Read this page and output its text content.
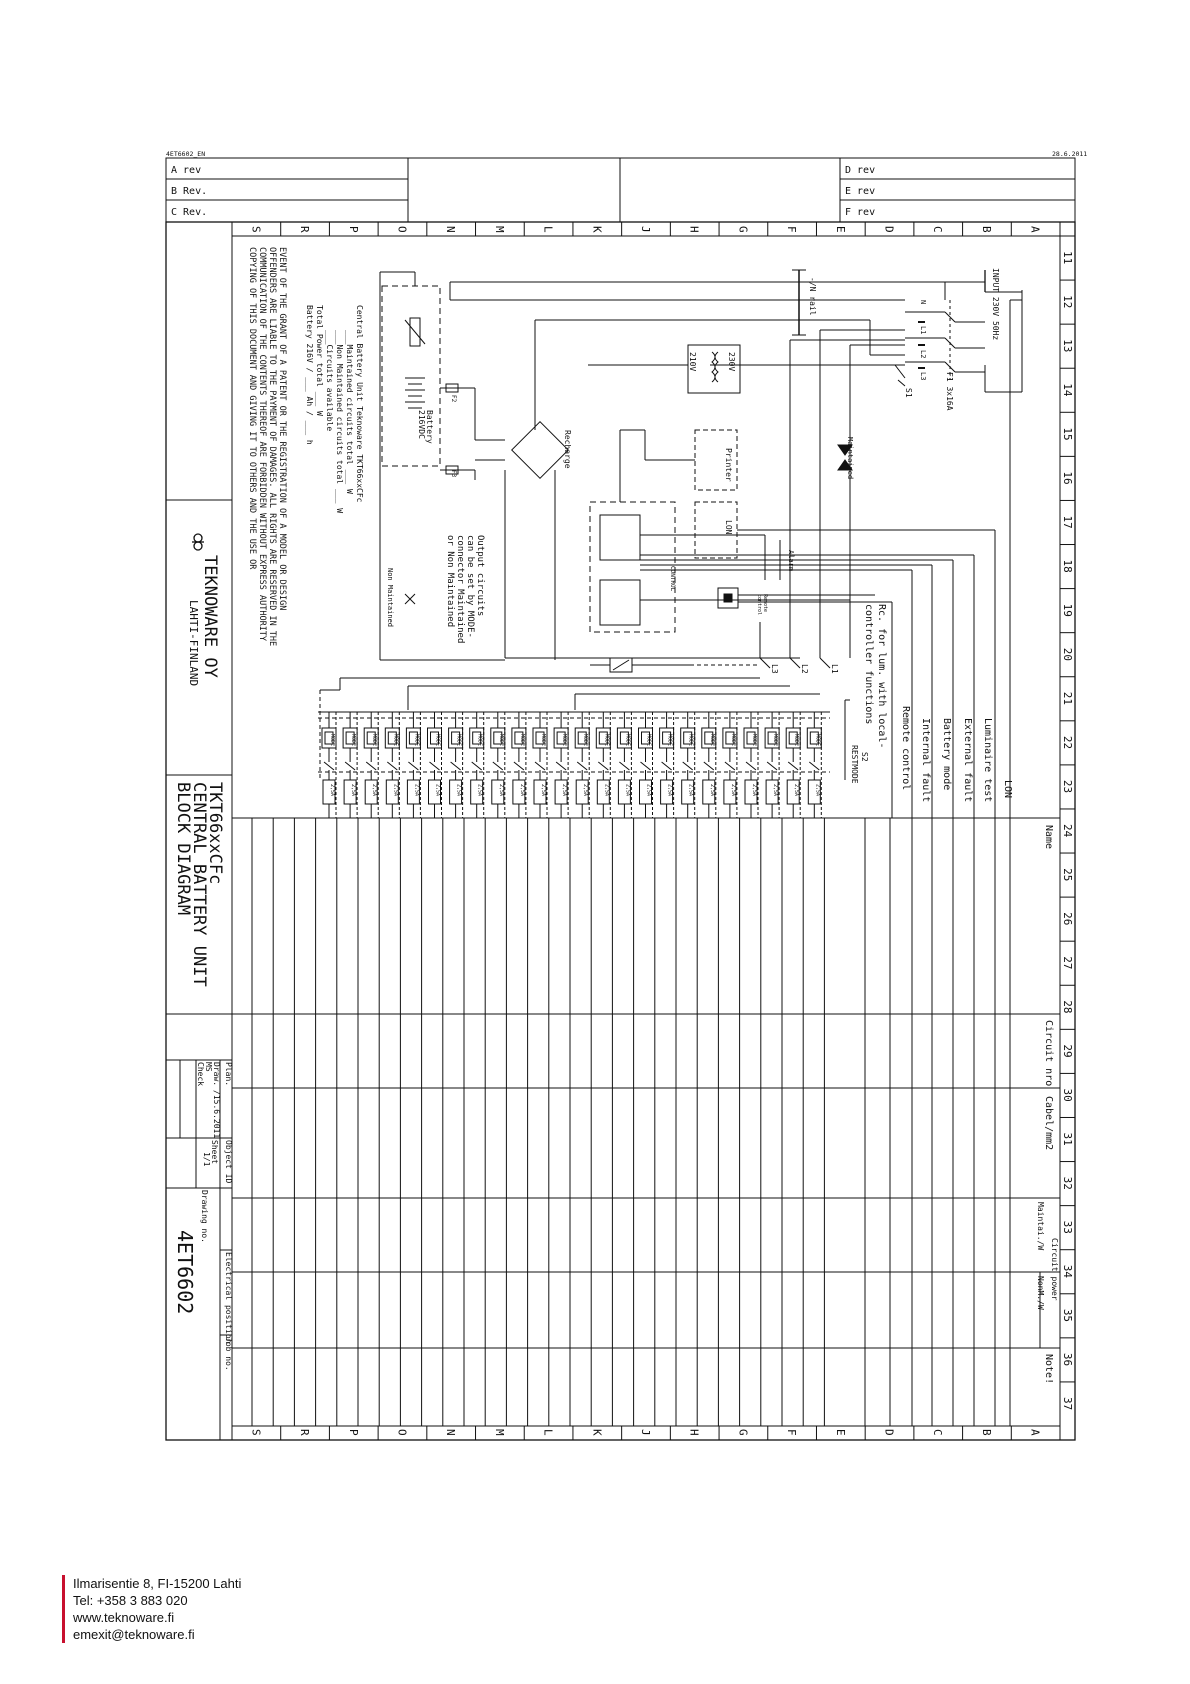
4ET6602_EN	28.6.2011
A rev
B Rev.
C Rev.
D rev
E rev
F rev
A
B
C
D
E
F
G
H
J
K
L
M
N
O
P
R
S
A
B
C
D
E
F
G
H
J
K
L
M
N
O
P
R
S
11
12
13
14
15
16
17
18
19
20
21
22
23
24
25
26
27
28
29
30
31
32
33
34
35
36
37
COPYING OF THIS DOCUMENT AND GIVING IT TO OTHERS AND THE USE OR COMMUNICATION OF THE CONTENTS THEREOF ARE FORBIDDEN WITHOUT EXPRESS AUTHORITY OFFENDERS ARE LIABLE TO THE PAYMENT OF DAMAGES. ALL RIGHTS ARE RESERVED IN THE EVENT OF THE GRANT OF A PATENT OR THE REGISTRATION OF A MODEL OR DESIGN	Central Battery Unit Teknoware TKT66xxCFc
___Maintained circuits total ___ W
___Non Maintained circuits total ___ W
___Circuits available
Total Power total ___ W
Battery 216V / ___ Ah / ___ h
TEKNOWARE OY
LAHTI-FINLAND
TKT66xxCFc
CENTRAL BATTERY UNIT
BLOCK DIAGRAM
Plan.
Draw.
MS
/15.6.2011
Check
Object ID
Sheet
1/1
Drawing no.
4ET6602	Electrical position
Job no.
Name
Circuit nro
Cabel/mm2
Circuit power
Maintai./W
NonM./W
Note!
LON
Luminaire test
External fault
Battery mode
Internal fault
Remote control
Rc. for lum. with local-
controller functions
INPUT 230V 50Hz
F1 3x16A
N
L1
L2
L3
S1
-/N rail
230V
210V
Recharge
Battery
216VDC
F2
F3	Maintained
Non Maintained
Printer
LON
Alarm
CONTROL
Remote
control
Output circuits
can be set by MODE-
connector Maintained
or Non Maintained
L3	L2	L1
S2
RESTMODE
MODE
2,5A
MODE
2,5A
MODE
2,5A
MODE
2,5A
MODE
2,5A
MODE
2,5A
MODE
2,5A
MODE
2,5A
MODE
2,5A
MODE
2,5A
MODE
2,5A
MODE
2,5A
MODE
2,5A
MODE
2,5A
MODE
2,5A
MODE
2,5A
MODE
2,5A
MODE
2,5A
MODE
2,5A
MODE
2,5A
MODE
2,5A
MODE
2,5A
MODE
2,5A
MODE
2,5A
Ilmarisentie 8, FI-15200 Lahti
Tel: +358 3 883 020
www.teknoware.fi
emexit@teknoware.fi
